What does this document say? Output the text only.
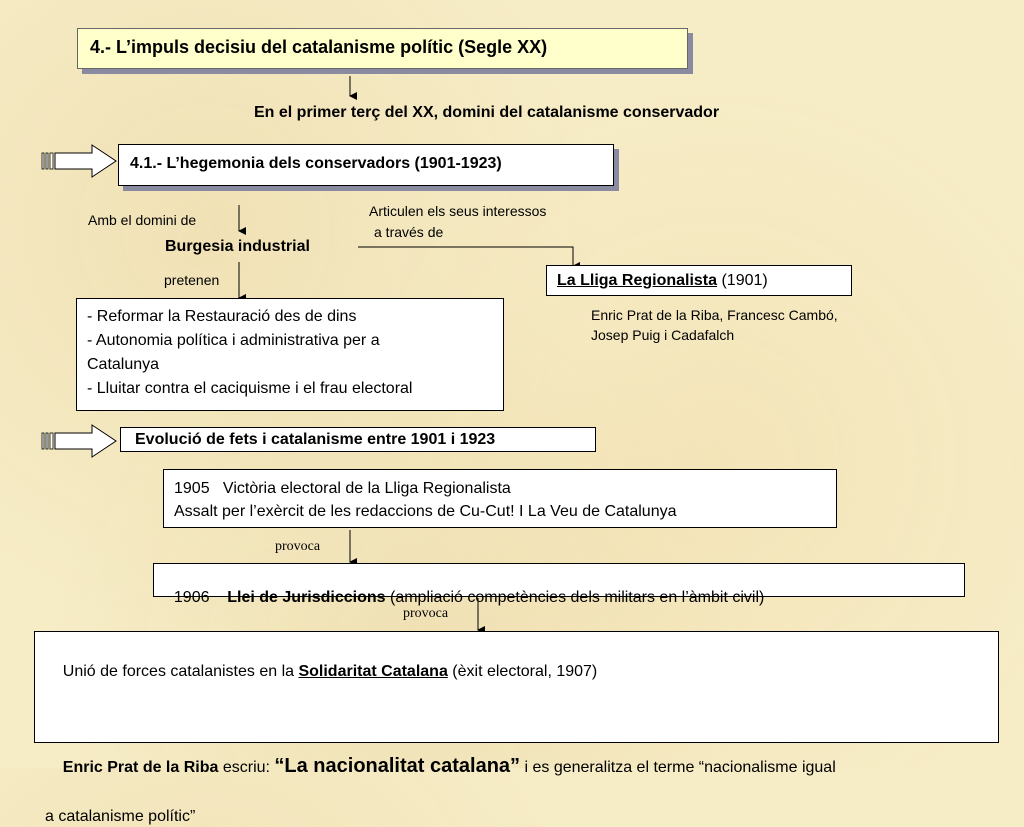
4.- L’impuls decisiu del catalanisme polític (Segle XX)
En el primer terç del XX, domini del catalanisme conservador
4.1.- L’hegemonia dels conservadors (1901-1923)
Amb el domini de
Burgesia industrial
Articulen els seus interessos
a través de
pretenen
- Reformar la Restauració des de dins
- Autonomia política i administrativa per a
Catalunya
- Lluitar contra el caciquisme i el frau electoral
La Lliga Regionalista (1901)
Enric Prat de la Riba, Francesc Cambó,
Josep Puig i Cadafalch
Evolució de fets i catalanisme entre 1901 i 1923
1905   Victòria electoral de la Lliga Regionalista
Assalt per l’exèrcit de les redaccions de Cu-Cut! I La Veu de Catalunya
provoca

1906    Llei de Jurisdiccions (ampliació competències dels militars en l’àmbit civil)

provoca

Unió de forces catalanistes en la Solidaritat Catalana (èxit electoral, 1907)

Enric Prat de la Riba escriu: “La nacionalitat catalana” i es generalitza el terme “nacionalisme igual

a catalanisme polític”
